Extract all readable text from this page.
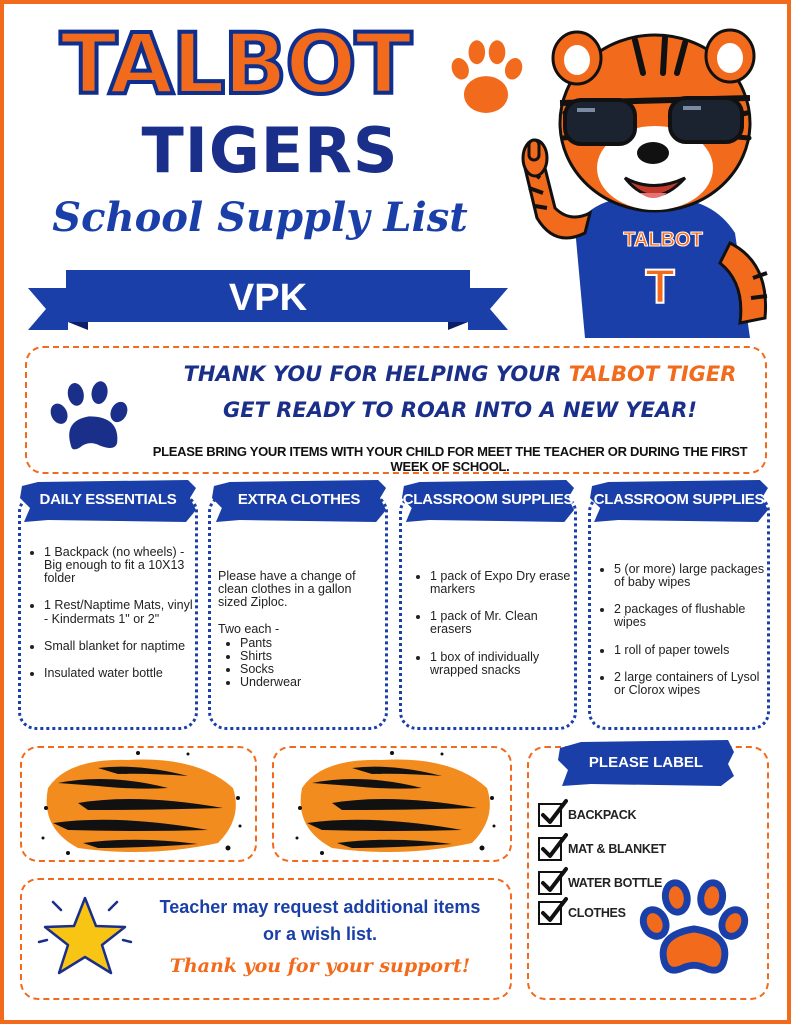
TALBOT
TIGERS
School Supply List
VPK
TALBOT
T
THANK YOU FOR HELPING YOUR TALBOT TIGER
GET READY TO ROAR INTO A NEW YEAR!
PLEASE BRING YOUR ITEMS WITH YOUR CHILD FOR MEET THE TEACHER OR DURING THE FIRST WEEK OF SCHOOL.
DAILY ESSENTIALS	EXTRA CLOTHES	CLASSROOM SUPPLIES	CLASSROOM SUPPLIES
• 1 Backpack (no wheels) - Big enough to fit a 10X13 folder
• 1 Rest/Naptime Mats, vinyl - Kindermats 1" or 2"
• Small blanket for naptime
• Insulated water bottle
Please have a change of clean clothes in a gallon sized Ziploc.
Two each -
• Pants
• Shirts
• Socks
• Underwear
• 1 pack of Expo Dry erase markers
• 1 pack of Mr. Clean erasers
• 1 box of individually wrapped snacks
• 5 (or more) large packages of baby wipes
• 2 packages of flushable wipes
• 1 roll of paper towels
• 2 large containers of Lysol or Clorox wipes
Teacher may request additional items
or a wish list.
Thank you for your support!
PLEASE LABEL
BACKPACK
MAT & BLANKET
WATER BOTTLE
CLOTHES
